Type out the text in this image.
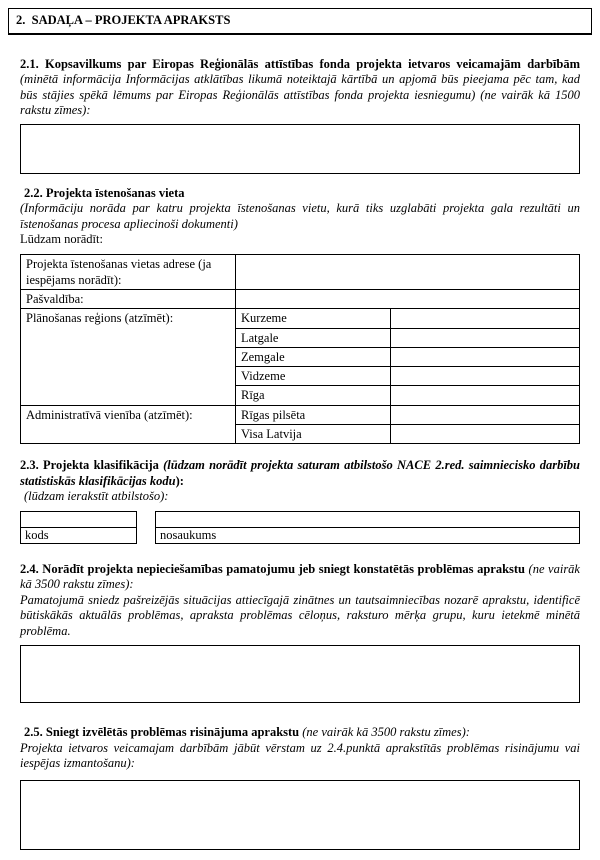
2.  SADAĻA – PROJEKTA APRAKSTS

2.1. Kopsavilkums par Eiropas Reģionālās attīstības fonda projekta ietvaros veicamajām darbībām (minētā informācija Informācijas atklātības likumā noteiktajā kārtībā un apjomā būs pieejama pēc tam, kad būs stājies spēkā lēmums par Eiropas Reģionālās attīstības fonda projekta iesniegumu) (ne vairāk kā 1500 rakstu zīmes):

2.2. Projekta īstenošanas vieta

(Informāciju norāda par katru projekta īstenošanas vietu, kurā tiks uzglabāti projekta gala rezultāti un īstenošanas procesa apliecinoši dokumenti)

Lūdzam norādīt:
Projekta īstenošanas vietas adrese (ja iespējams norādīt):		
Pašvaldība:		
Plānošanas reģions (atzīmēt):	Kurzeme	
	Latgale	
	Zemgale	
	Vidzeme	
	Rīga	
Administratīvā vienība (atzīmēt):	Rīgas pilsēta	
	Visa Latvija	

2.3. Projekta klasifikācija (lūdzam norādīt projekta saturam atbilstošo NACE 2.red. saimniecisko darbību statistiskās klasifikācijas kodu):

(lūdzam ierakstīt atbilstošo):
kods	nosaukums

2.4. Norādīt projekta nepieciešamības pamatojumu jeb sniegt konstatētās problēmas aprakstu (ne vairāk kā 3500 rakstu zīmes):

Pamatojumā sniedz pašreizējās situācijas attiecīgajā zinātnes un tautsaimniecības nozarē aprakstu, identificē būtiskākās aktuālās problēmas, apraksta problēmas cēloņus, raksturo mērķa grupu, kuru ietekmē minētā problēma.

2.5. Sniegt izvēlētās problēmas risinājuma aprakstu (ne vairāk kā 3500 rakstu zīmes):

Projekta ietvaros veicamajam darbībām jābūt vērstam uz 2.4.punktā aprakstītās problēmas risinājumu vai iespējas izmantošanu):
